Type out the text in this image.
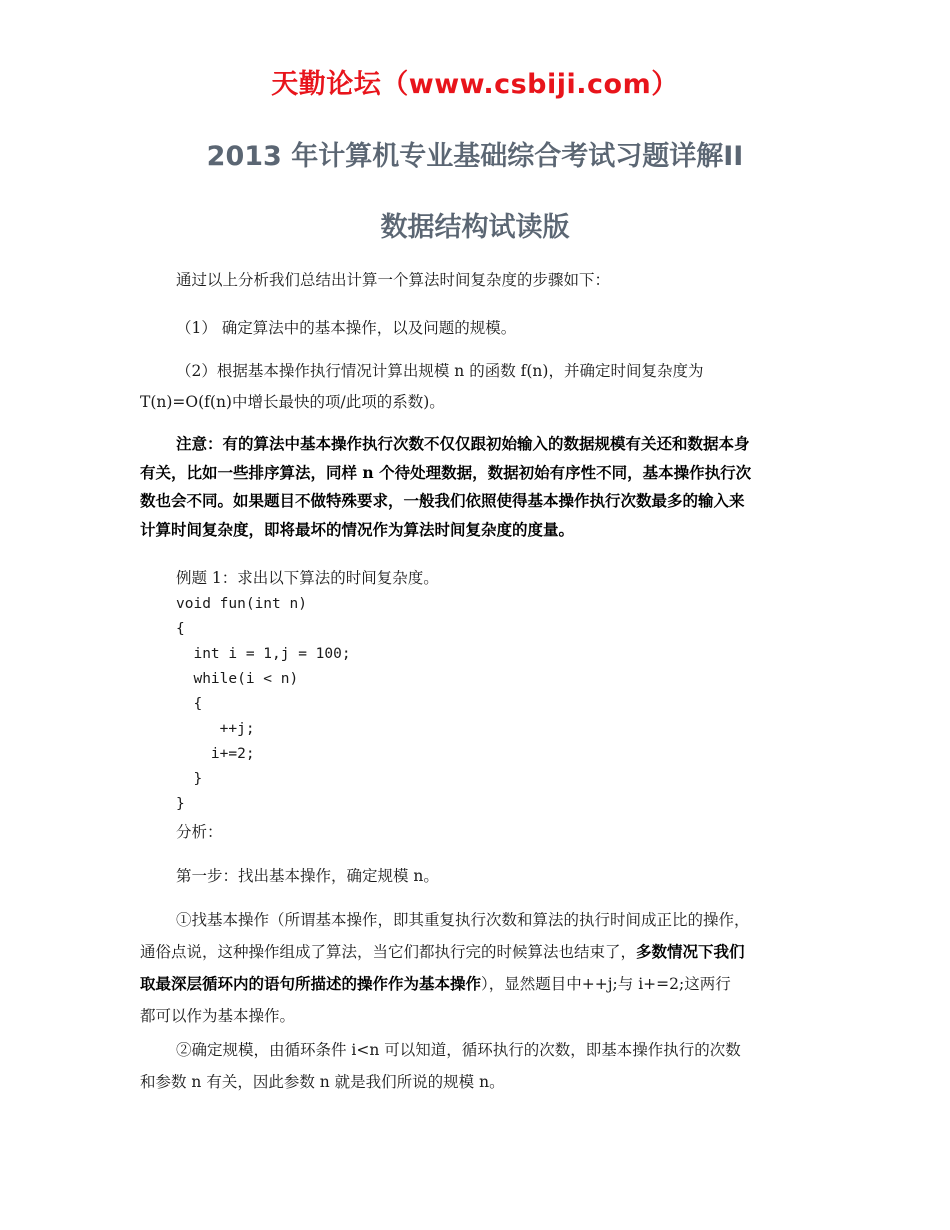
天勤论坛（www.csbiji.com）
2013 年计算机专业基础综合考试习题详解II
数据结构试读版
通过以上分析我们总结出计算一个算法时间复杂度的步骤如下：
（1） 确定算法中的基本操作，以及问题的规模。
（2）根据基本操作执行情况计算出规模 n 的函数 f(n)，并确定时间复杂度为
T(n)=O(f(n)中增长最快的项/此项的系数)。
注意：有的算法中基本操作执行次数不仅仅跟初始输入的数据规模有关还和数据本身
有关，比如一些排序算法，同样 n 个待处理数据，数据初始有序性不同，基本操作执行次
数也会不同。如果题目不做特殊要求，一般我们依照使得基本操作执行次数最多的输入来
计算时间复杂度，即将最坏的情况作为算法时间复杂度的度量。
例题 1：求出以下算法的时间复杂度。
void fun(int n)
{
int i = 1,j = 100;
while(i < n)
{
++j;
i+=2;
}
}
分析：
第一步：找出基本操作，确定规模 n。
①找基本操作（所谓基本操作，即其重复执行次数和算法的执行时间成正比的操作，
通俗点说，这种操作组成了算法，当它们都执行完的时候算法也结束了，多数情况下我们
取最深层循环内的语句所描述的操作作为基本操作），显然题目中++j;与 i+=2;这两行
都可以作为基本操作。
②确定规模，由循环条件 i<n 可以知道，循环执行的次数，即基本操作执行的次数
和参数 n 有关，因此参数 n 就是我们所说的规模 n。
